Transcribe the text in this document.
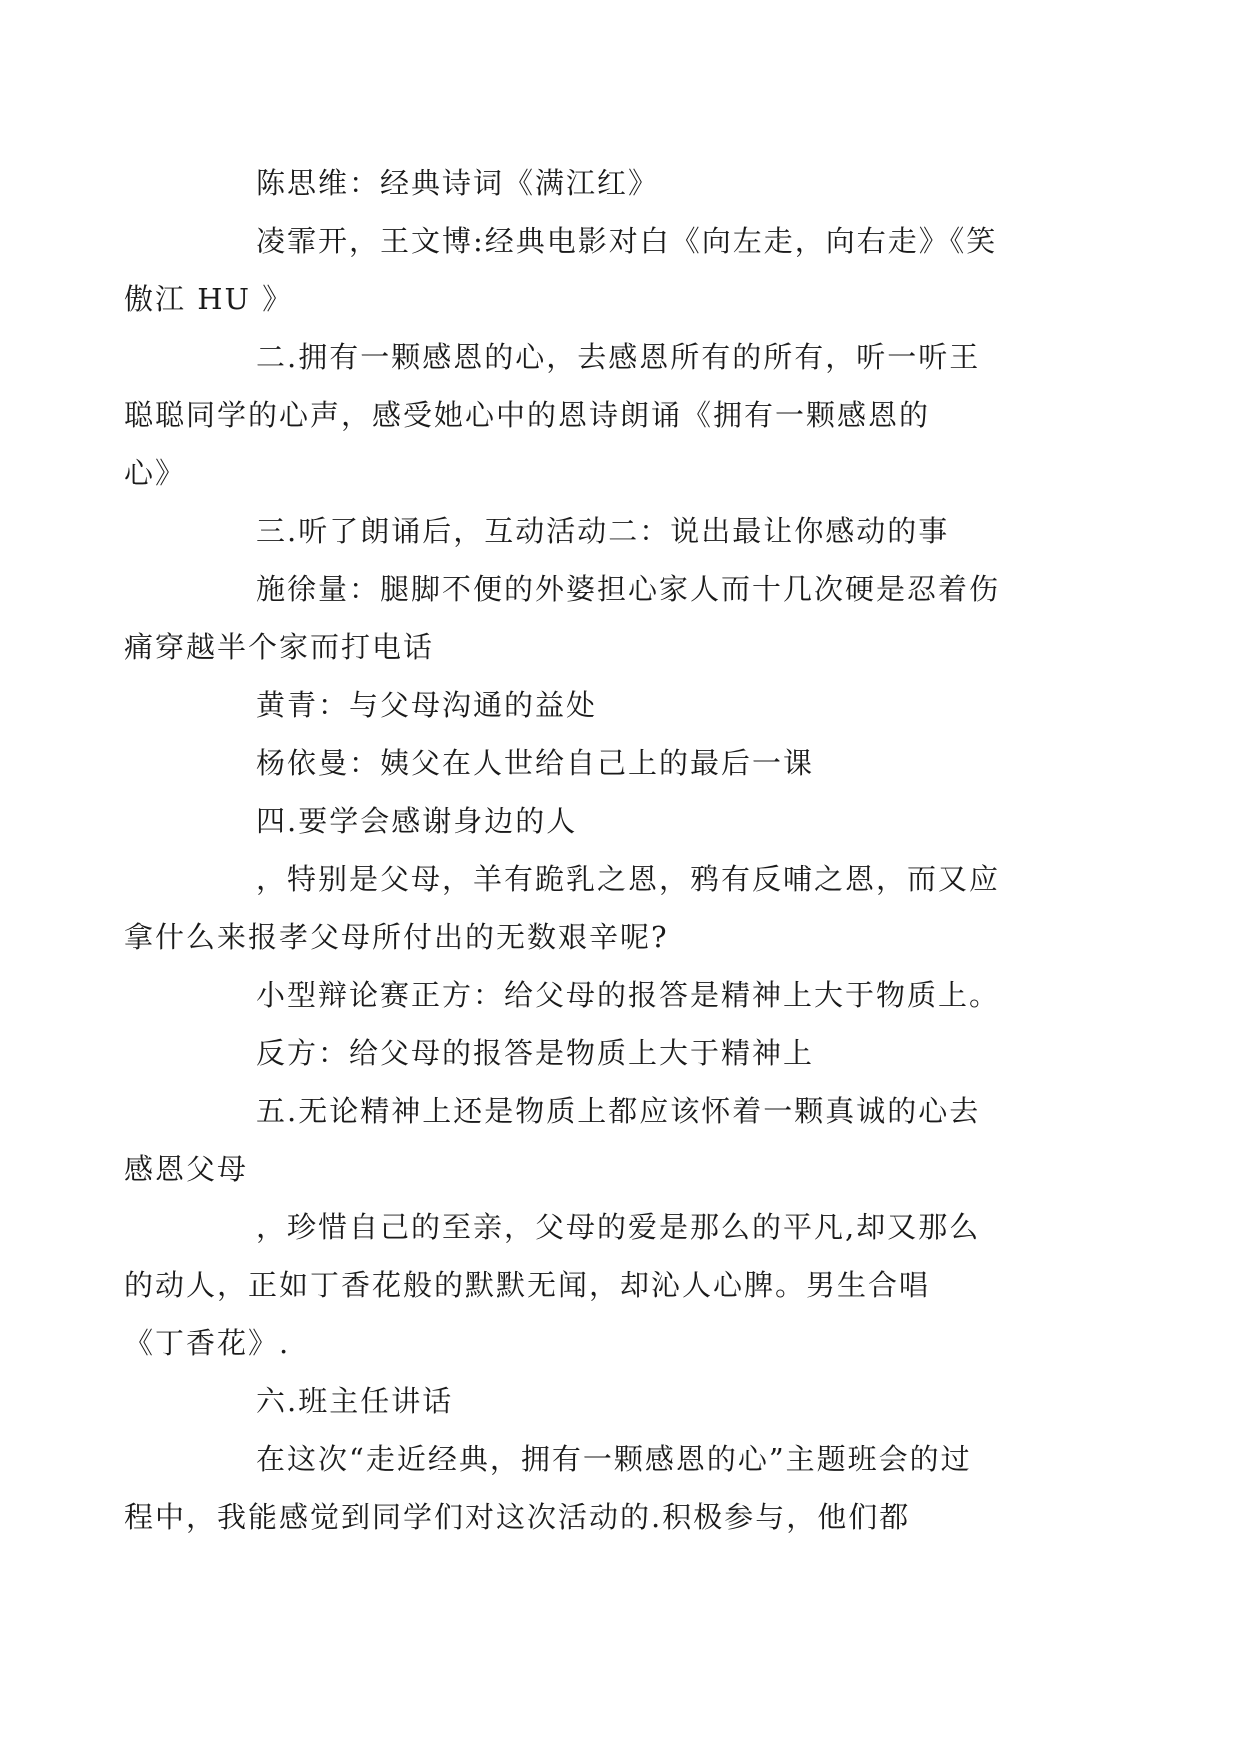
陈思维：经典诗词《满江红》

凌霏开，王文博:经典电影对白《向左走，向右走》《笑
傲江 HU 》

二.拥有一颗感恩的心，去感恩所有的所有，听一听王
聪聪同学的心声，感受她心中的恩诗朗诵《拥有一颗感恩的
心》

三.听了朗诵后，互动活动二：说出最让你感动的事

施徐量：腿脚不便的外婆担心家人而十几次硬是忍着伤
痛穿越半个家而打电话

黄青：与父母沟通的益处

杨依曼：姨父在人世给自己上的最后一课

四.要学会感谢身边的人

，特别是父母，羊有跪乳之恩，鸦有反哺之恩，而又应
拿什么来报孝父母所付出的无数艰辛呢?

小型辩论赛正方：给父母的报答是精神上大于物质上。

反方：给父母的报答是物质上大于精神上

五.无论精神上还是物质上都应该怀着一颗真诚的心去
感恩父母

，珍惜自己的至亲，父母的爱是那么的平凡,却又那么
的动人，正如丁香花般的默默无闻，却沁人心脾。男生合唱
《丁香花》.

六.班主任讲话

在这次“走近经典，拥有一颗感恩的心”主题班会的过
程中，我能感觉到同学们对这次活动的.积极参与，他们都
